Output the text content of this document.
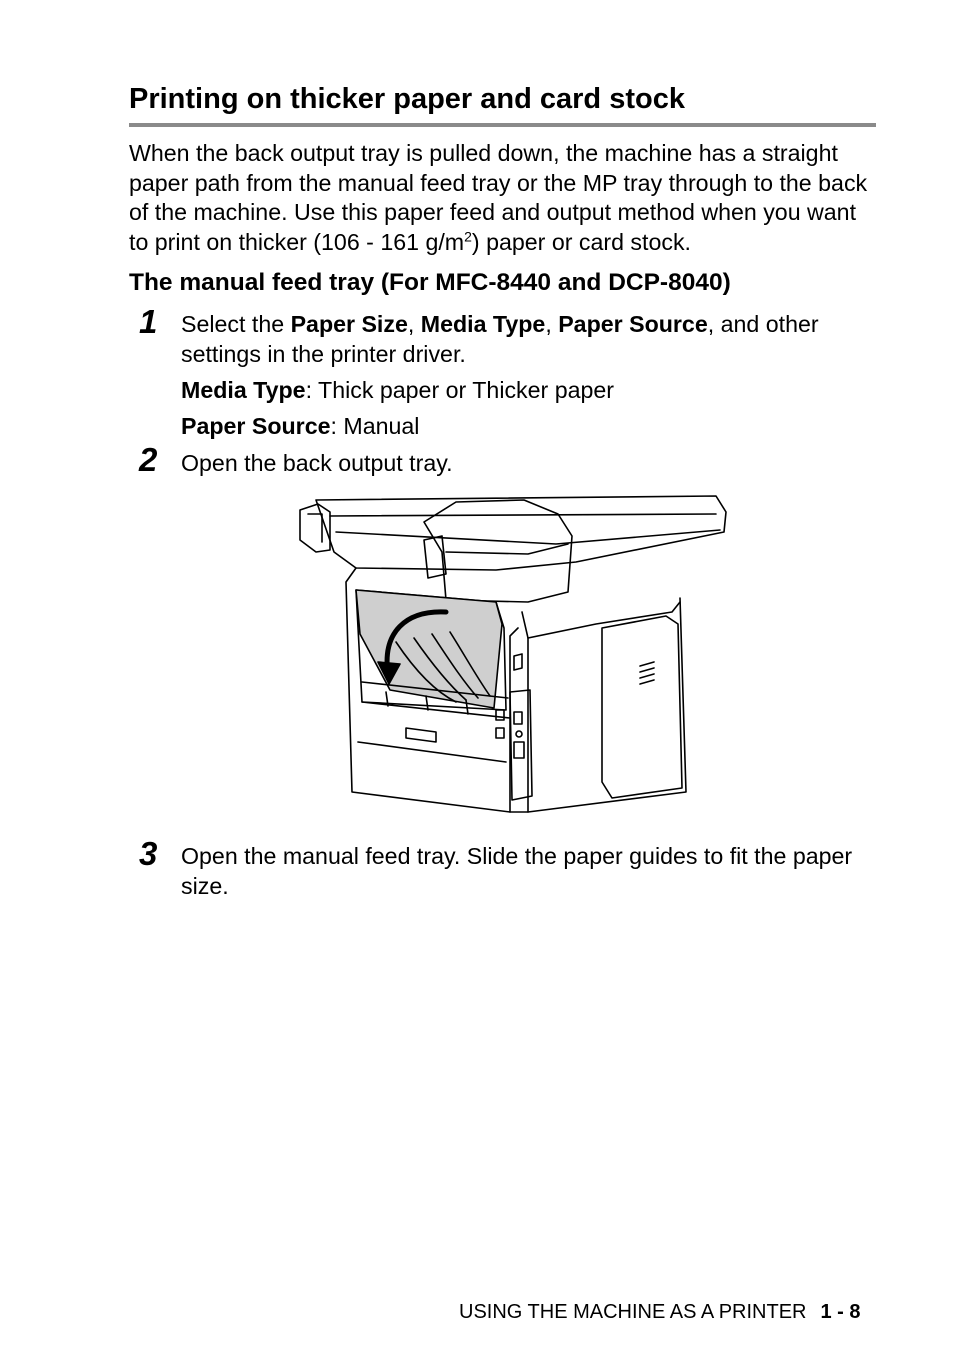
Printing on thicker paper and card stock

When the back output tray is pulled down, the machine has a straight paper path from the manual feed tray or the MP tray through to the back of the machine. Use this paper feed and output method when you want to print on thicker (106 - 161 $g/m^2$) paper or card stock.

The manual feed tray (For MFC-8440 and DCP-8040)
1 Select the Paper Size, Media Type, Paper Source, and other settings in the printer driver.

Media Type: Thick paper or Thicker paper

Paper Source: Manual

2 Open the back output tray.

3 Open the manual feed tray. Slide the paper guides to fit the paper size.

USING THE MACHINE AS A PRINTER 1 - 8
